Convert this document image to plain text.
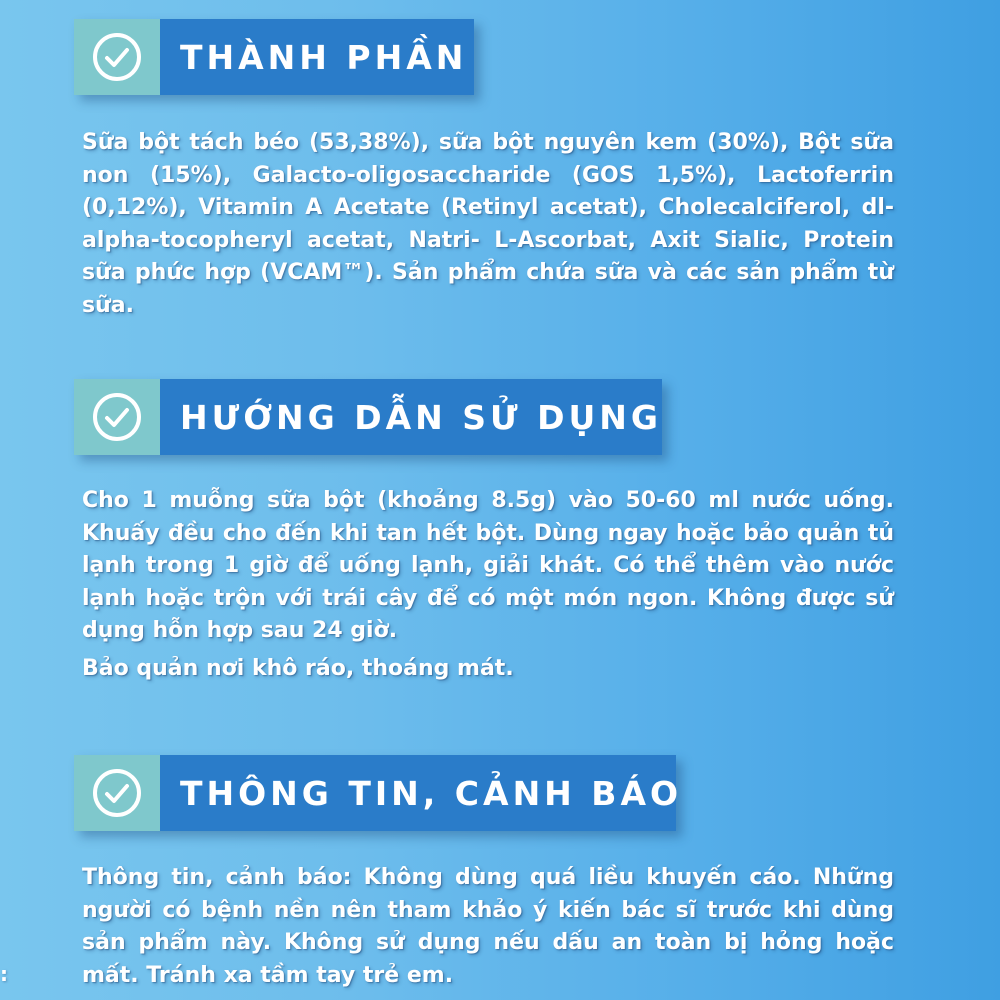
THÀNH PHẦN

Sữa bột tách béo (53,38%), sữa bột nguyên kem (30%), Bột sữa non (15%), Galacto-oligosaccharide (GOS 1,5%), Lactoferrin (0,12%), Vitamin A Acetate (Retinyl acetat), Cholecalciferol, dl-alpha-tocopheryl acetat, Natri- L-Ascorbat, Axit Sialic, Protein sữa phức hợp (VCAM™). Sản phẩm chứa sữa và các sản phẩm từ sữa.

HƯỚNG DẪN SỬ DỤNG

Cho 1 muỗng sữa bột (khoảng 8.5g) vào 50-60 ml nước uống. Khuấy đều cho đến khi tan hết bột. Dùng ngay hoặc bảo quản tủ lạnh trong 1 giờ để uống lạnh, giải khát. Có thể thêm vào nước lạnh hoặc trộn với trái cây để có một món ngon. Không được sử dụng hỗn hợp sau 24 giờ.

Bảo quản nơi khô ráo, thoáng mát.

THÔNG TIN, CẢNH BÁO

Thông tin, cảnh báo: Không dùng quá liều khuyến cáo. Những người có bệnh nền nên tham khảo ý kiến bác sĩ trước khi dùng sản phẩm này. Không sử dụng nếu dấu an toàn bị hỏng hoặc mất. Tránh xa tầm tay trẻ em.

:
